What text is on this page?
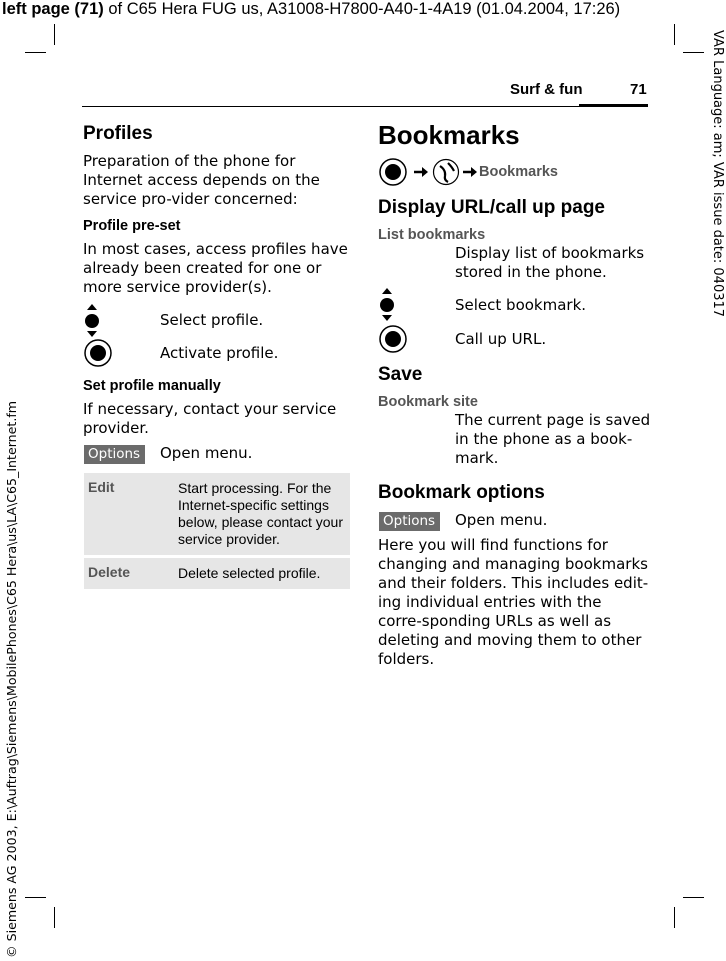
left page (71) of C65 Hera FUG us, A31008-H7800-A40-1-4A19 (01.04.2004, 17:26)
VAR Language: am; VAR issue date: 040317
© Siemens AG 2003, E:\Auftrag\Siemens\MobilePhones\C65 Hera\us\LA\C65_Internet.fm
Surf & fun	71
Profiles
Preparation of the phone for Internet access depends on the service pro-vider concerned:
Profile pre-set
In most cases, access profiles have already been created for one or more service provider(s).
Select profile.
Activate profile.
Set profile manually
If necessary, contact your service provider.
Options	Open menu.
Edit	Start processing. For the Internet-specific settings below, please contact your service provider.
Delete	Delete selected profile.
Bookmarks
Bookmarks
Display URL/call up page
List bookmarks
Display list of bookmarks stored in the phone.
Select bookmark.
Call up URL.
Save
Bookmark site
The current page is saved in the phone as a book-mark.
Bookmark options
Options	Open menu.
Here you will find functions for changing and managing bookmarks and their folders. This includes edit-ing individual entries with the corre-sponding URLs as well as deleting and moving them to other folders.
